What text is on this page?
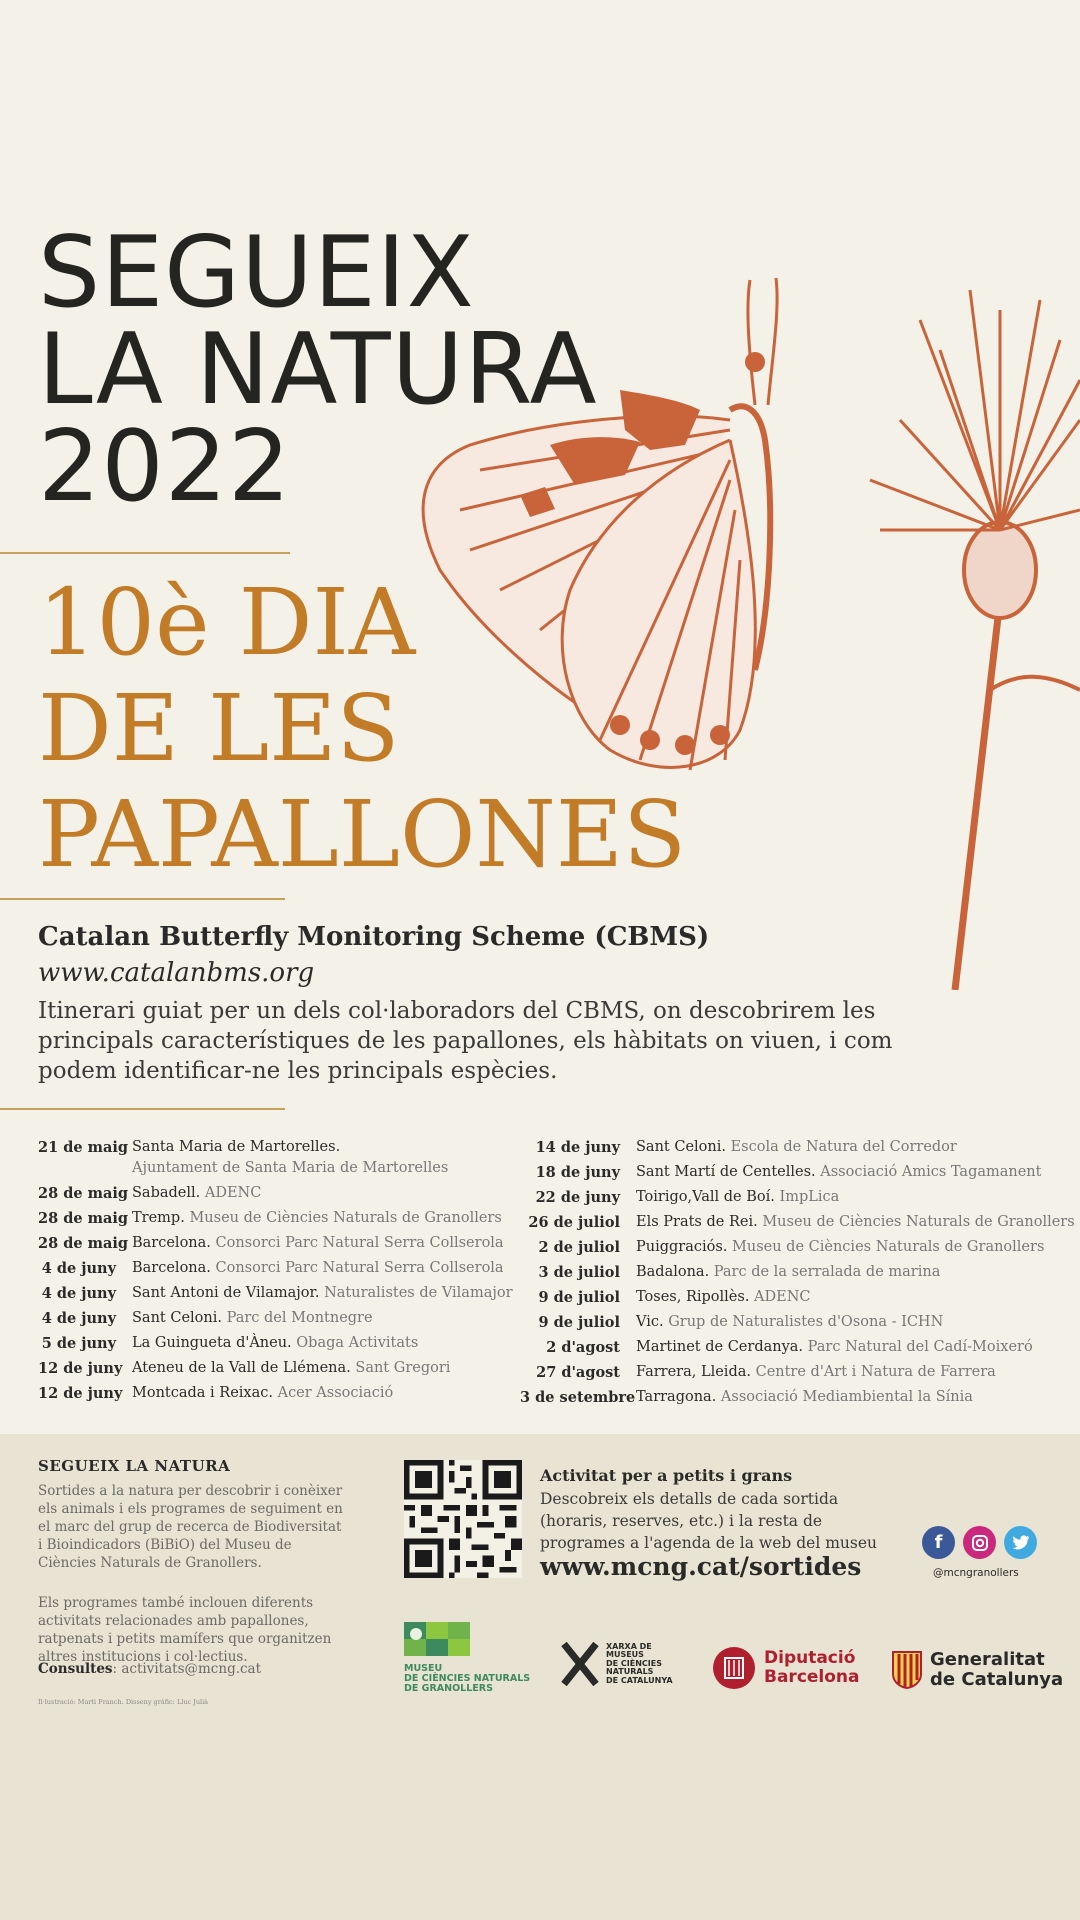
SEGUEIX
LA NATURA
2022
10è DIA
DE LES
PAPALLONES
Catalan Butterfly Monitoring Scheme (CBMS)
www.catalanbms.org
Itinerari guiat per un dels col·laboradors del CBMS, on descobrirem les principals característiques de les papallones, els hàbitats on viuen, i com podem identificar-ne les principals espècies.
21 de maig Santa Maria de Martorelles.
Ajuntament de Santa Maria de Martorelles
28 de maig Sabadell. ADENC
28 de maig Tremp. Museu de Ciències Naturals de Granollers
28 de maig Barcelona. Consorci Parc Natural Serra Collserola
4 de juny	Barcelona. Consorci Parc Natural Serra Collserola
4 de juny	Sant Antoni de Vilamajor. Naturalistes de Vilamajor
4 de juny	Sant Celoni. Parc del Montnegre
5 de juny	La Guingueta d'Àneu. Obaga Activitats
12 de juny Ateneu de la Vall de Llémena. Sant Gregori
12 de juny Montcada i Reixac. Acer Associació
14 de juny	Sant Celoni. Escola de Natura del Corredor
18 de juny	Sant Martí de Centelles. Associació Amics Tagamanent
22 de juny	Toirigo,Vall de Boí. ImpLica
26 de juliol	Els Prats de Rei. Museu de Ciències Naturals de Granollers
2 de juliol	Puiggraciós. Museu de Ciències Naturals de Granollers
3 de juliol	Badalona. Parc de la serralada de marina
9 de juliol	Toses, Ripollès. ADENC
9 de juliol	Vic. Grup de Naturalistes d'Osona - ICHN
2 d'agost	Martinet de Cerdanya. Parc Natural del Cadí-Moixeró
27 d'agost	Farrera, Lleida. Centre d'Art i Natura de Farrera
3 de setembre Tarragona. Associació Mediambiental la Sínia
SEGUEIX LA NATURA
Sortides a la natura per descobrir i conèixer els animals i els programes de seguiment en el marc del grup de recerca de Biodiversitat i Bioindicadors (BiBiO) del Museu de Ciències Naturals de Granollers.
Els programes també inclouen diferents activitats relacionades amb papallones, ratpenats i petits mamífers que organitzen altres institucions i col·lectius.
Consultes: activitats@mcng.cat
Il·lustració: Marti Franch. Disseny gràfic: Lluc Julià
Activitat per a petits i grans
Descobreix els detalls de cada sortida (horaris, reserves, etc.) i la resta de programes a l'agenda de la web del museu
www.mcng.cat/sortides
f
@mcngranollers
MUSEU
DE CIÈNCIES NATURALS
DE GRANOLLERS
XARXA DE
MUSEUS
DE CIÈNCIES
NATURALS
DE CATALUNYA
Diputació
Barcelona
Generalitat
de Catalunya
